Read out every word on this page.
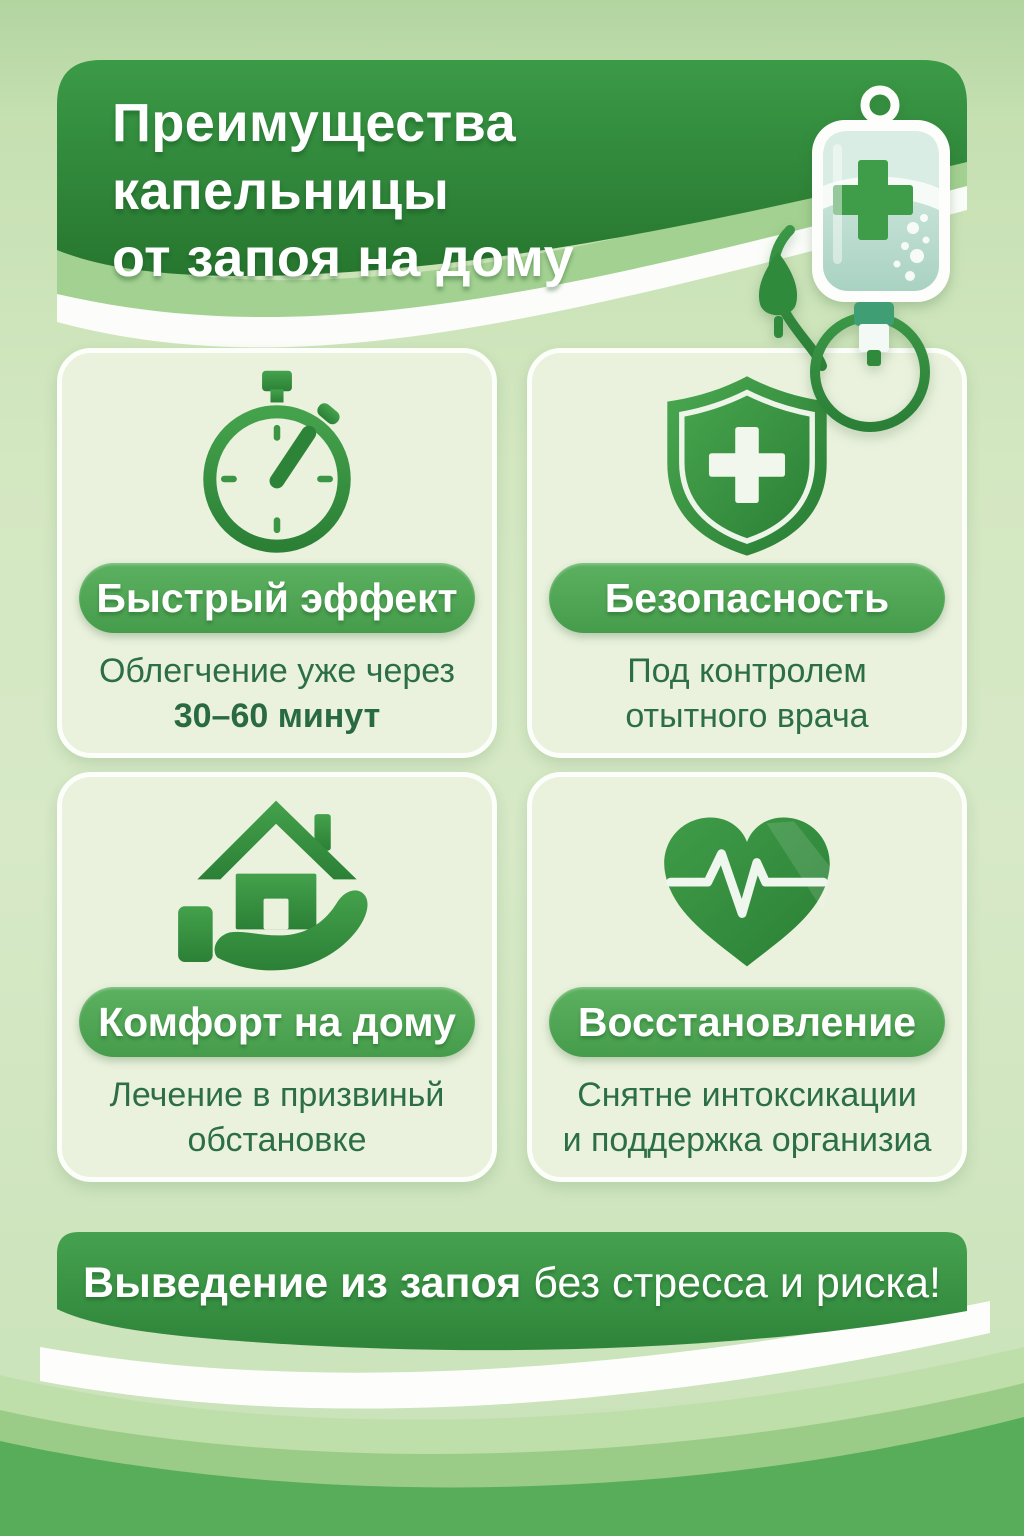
Преимущества капельницы
от запоя на дому
Быстрый эффект

Облегчение уже через
30–60 минут

Безопасность

Под контролем
отытного врача

Комфорт на дому

Лечение в призвиньй
обстановке

Восстановление

Снятне интоксикации
и поддержка организиа

Выведение из запоя без стресса и риска!
